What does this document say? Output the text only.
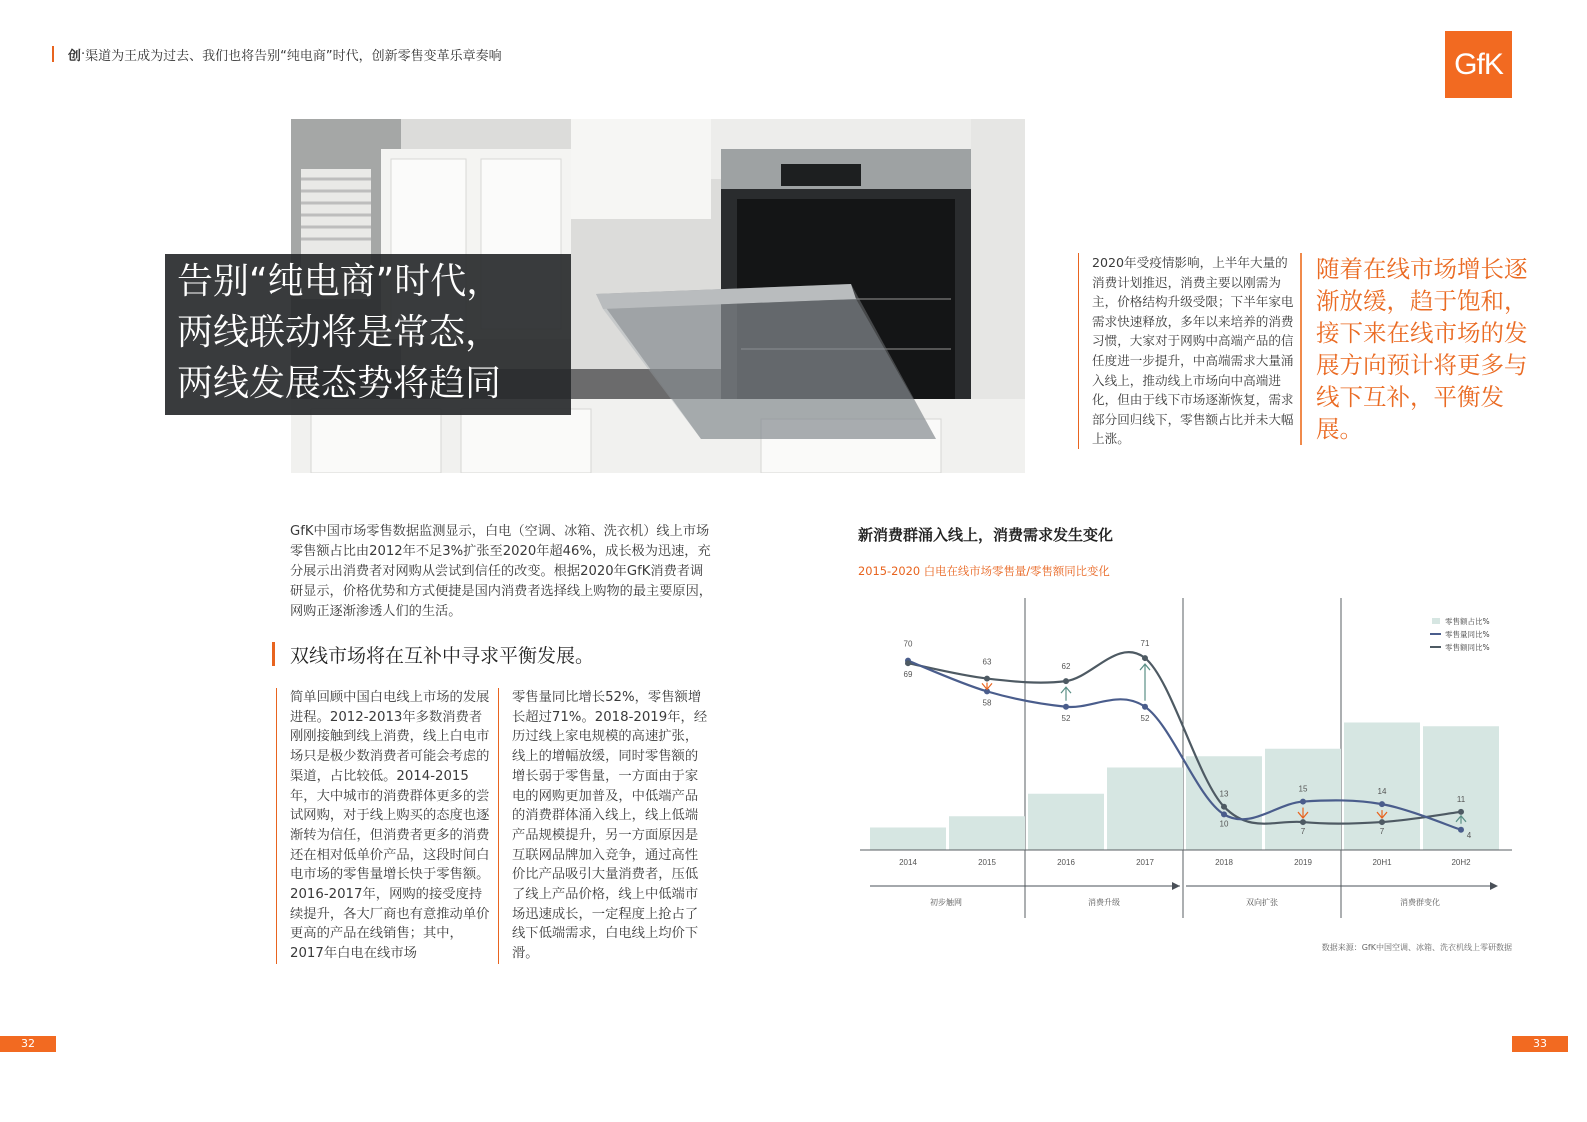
创 · 渠道为王成为过去、我们也将告别“纯电商”时代，创新零售变革乐章奏响	GfK
告别“纯电商”时代，
两线联动将是常态，
两线发展态势将趋同
2020年受疫情影响，上半年大量的消费计划推迟，消费主要以刚需为主，价格结构升级受限；下半年家电需求快速释放，多年以来培养的消费习惯，大家对于网购中高端产品的信任度进一步提升，中高端需求大量涌入线上，推动线上市场向中高端进化，但由于线下市场逐渐恢复，需求部分回归线下，零售额占比并未大幅上涨。
随着在线市场增长逐渐放缓，趋于饱和，接下来在线市场的发展方向预计将更多与线下互补，平衡发展。
GfK中国市场零售数据监测显示，白电（空调、冰箱、洗衣机）线上市场零售额占比由2012年不足3%扩张至2020年超46%，成长极为迅速，充分展示出消费者对网购从尝试到信任的改变。根据2020年GfK消费者调研显示，价格优势和方式便捷是国内消费者选择线上购物的最主要原因，网购正逐渐渗透人们的生活。
双线市场将在互补中寻求平衡发展。
简单回顾中国白电线上市场的发展进程。2012-2013年多数消费者刚刚接触到线上消费，线上白电市场只是极少数消费者可能会考虑的渠道，占比较低。2014-2015年，大中城市的消费群体更多的尝试网购，对于线上购买的态度也逐渐转为信任，但消费者更多的消费还在相对低单价产品，这段时间白电市场的零售量增长快于零售额。2016-2017年，网购的接受度持续提升，各大厂商也有意推动单价更高的产品在线销售；其中，2017年白电在线市场
零售量同比增长52%，零售额增长超过71%。2018-2019年，经历过线上家电规模的高速扩张，线上的增幅放缓，同时零售额的增长弱于零售量，一方面由于家电的网购更加普及，中低端产品的消费群体涌入线上，线上低端产品规模提升，另一方面原因是互联网品牌加入竞争，通过高性价比产品吸引大量消费者，压低了线上产品价格，线上中低端市场迅速成长，一定程度上抢占了线下低端需求，白电线上均价下滑。
新消费群涌入线上，消费需求发生变化
2015-2020 白电在线市场零售量/零售额同比变化
70
58
52	52
10
15	14
4
69
63
62
71
13
7	7
11
2014	2015	2016	2017	2018	2019	20H1	20H2
初步触网	消费升级	双向扩张	消费群变化
零售额占比%
零售量同比%
零售额同比%
数据来源：GfK中国空调、冰箱、洗衣机线上零研数据
32	33
